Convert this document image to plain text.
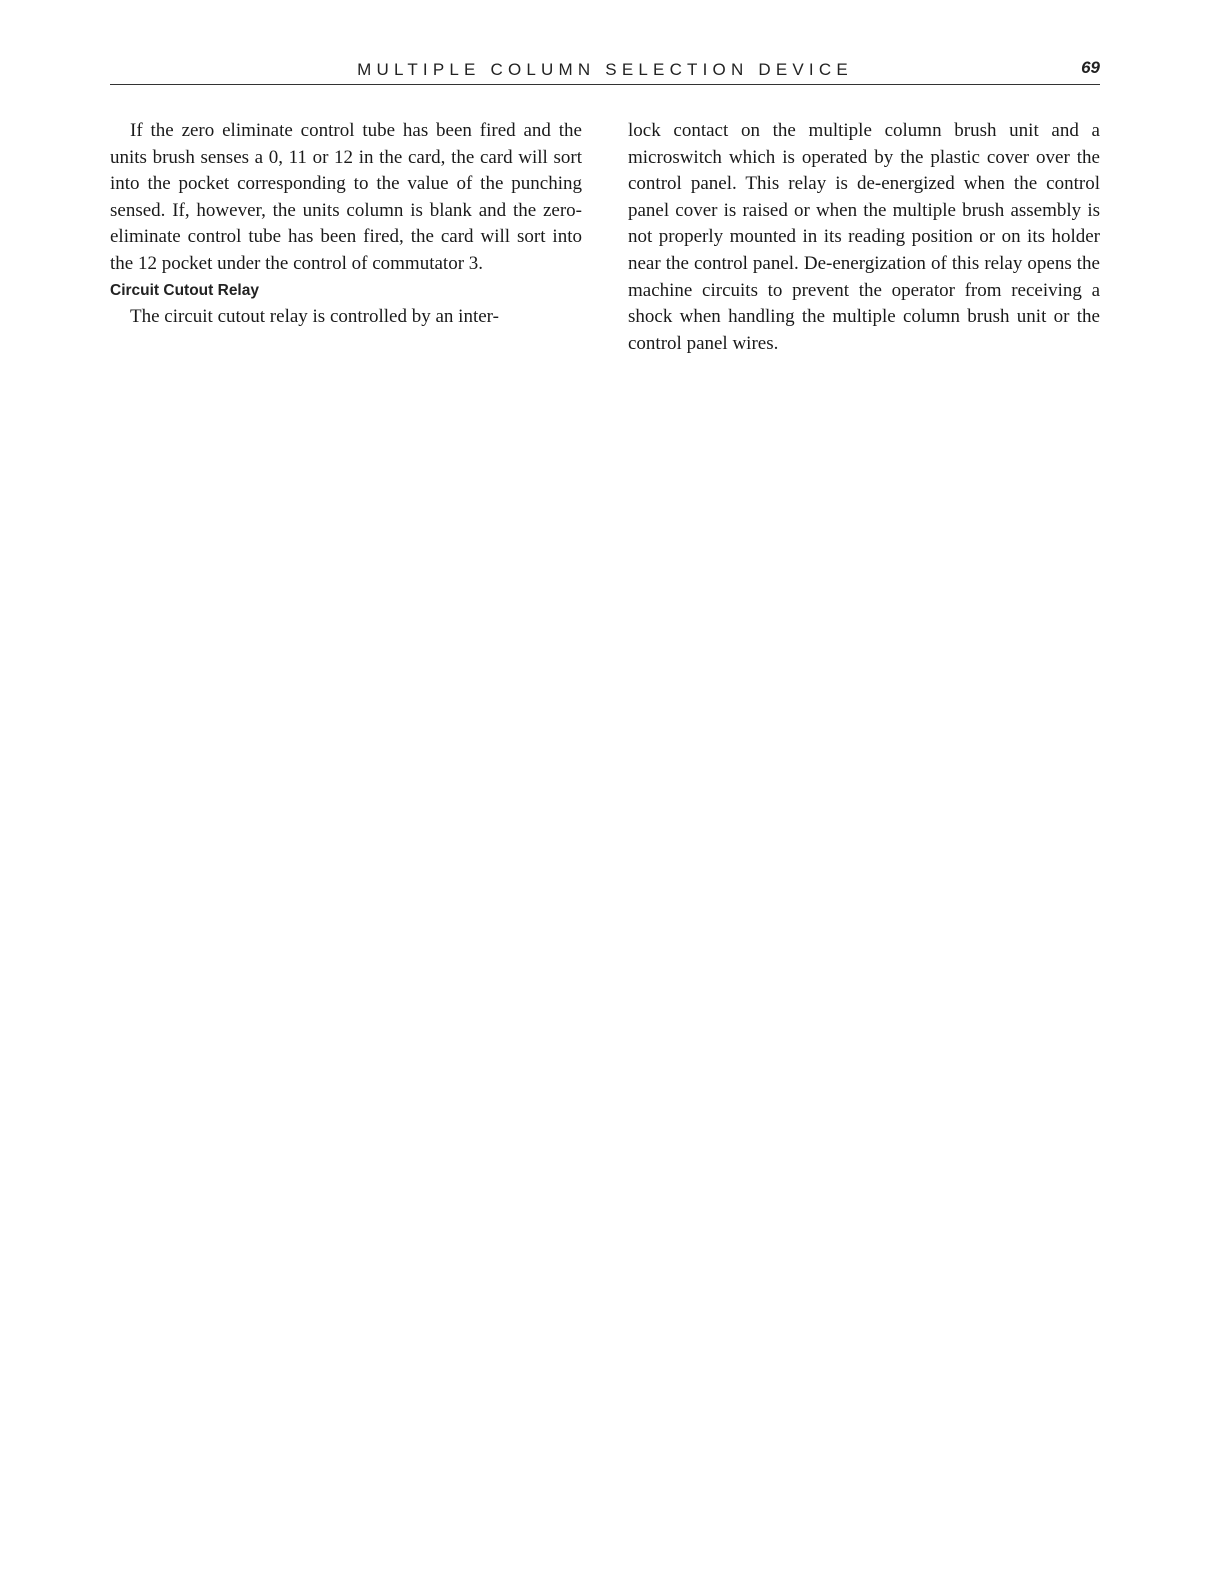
MULTIPLE COLUMN SELECTION DEVICE	69

If the zero eliminate control tube has been fired and the units brush senses a 0, 11 or 12 in the card, the card will sort into the pocket corresponding to the value of the punching sensed. If, however, the units column is blank and the zero-eliminate control tube has been fired, the card will sort into the 12 pocket under the control of commutator 3.

Circuit Cutout Relay

The circuit cutout relay is controlled by an inter-

lock contact on the multiple column brush unit and a microswitch which is operated by the plastic cover over the control panel. This relay is de-energized when the control panel cover is raised or when the multiple brush assembly is not properly mounted in its reading position or on its holder near the control panel. De-energization of this relay opens the machine circuits to prevent the operator from receiving a shock when handling the multiple column brush unit or the control panel wires.
